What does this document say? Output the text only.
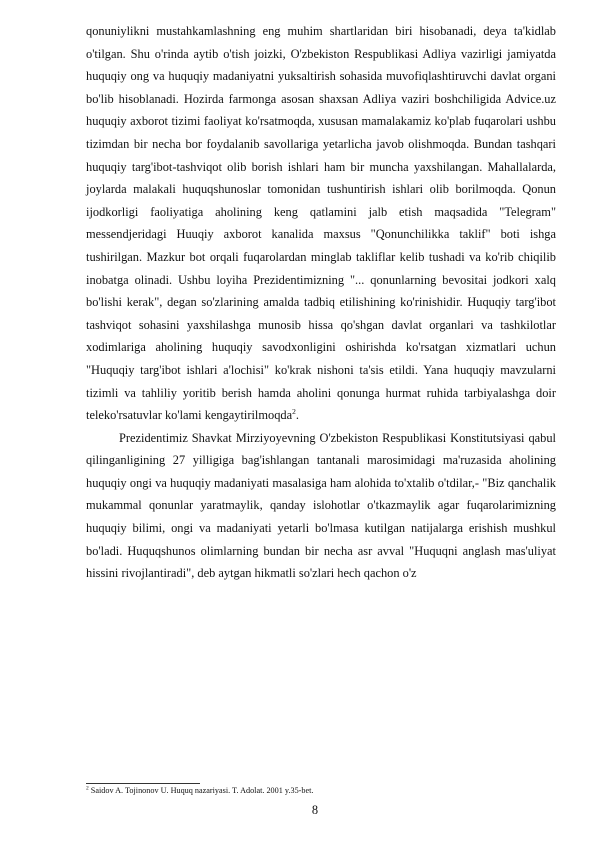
qonuniylikni mustahkamlashning eng muhim shartlaridan biri hisobanadi, deya ta'kidlab o'tilgan. Shu o'rinda aytib o'tish joizki, O'zbekiston Respublikasi Adliya vazirligi jamiyatda huquqiy ong va huquqiy madaniyatni yuksaltirish sohasida muvofiqlashtiruvchi davlat organi bo'lib hisoblanadi. Hozirda farmonga asosan shaxsan Adliya vaziri boshchiligida Advice.uz huquqiy axborot tizimi faoliyat ko'rsatmoqda, xususan mamalakamiz ko'plab fuqarolari ushbu tizimdan bir necha bor foydalanib savollariga yetarlicha javob olishmoqda. Bundan tashqari huquqiy targ'ibot-tashviqot olib borish ishlari ham bir muncha yaxshilangan. Mahallalarda, joylarda malakali huquqshunoslar tomonidan tushuntirish ishlari olib borilmoqda. Qonun ijodkorligi faoliyatiga aholining keng qatlamini jalb etish maqsadida "Telegram" messendjeridagi Huuqiy axborot kanalida maxsus "Qonunchilikka taklif" boti ishga tushirilgan. Mazkur bot orqali fuqarolardan minglab takliflar kelib tushadi va ko'rib chiqilib inobatga olinadi. Ushbu loyiha Prezidentimizning "... qonunlarning bevositai jodkori xalq bo'lishi kerak", degan so'zlarining amalda tadbiq etilishining ko'rinishidir. Huquqiy targ'ibot tashviqot sohasini yaxshilashga munosib hissa qo'shgan davlat organlari va tashkilotlar xodimlariga aholining huquqiy savodxonligini oshirishda ko'rsatgan xizmatlari uchun "Huquqiy targ'ibot ishlari a'lochisi" ko'krak nishoni ta'sis etildi. Yana huquqiy mavzularni tizimli va tahliliy yoritib berish hamda aholini qonunga hurmat ruhida tarbiyalashga doir teleko'rsatuvlar ko'lami kengaytirilmoqda$^2$.

Prezidentimiz Shavkat Mirziyoyevning O'zbekiston Respublikasi Konstitutsiyasi qabul qilinganligining 27 yilligiga bag'ishlangan tantanali marosimidagi ma'ruzasida aholining huquqiy ongi va huquqiy madaniyati masalasiga ham alohida to'xtalib o'tdilar,- "Biz qanchalik mukammal qonunlar yaratmaylik, qanday islohotlar o'tkazmaylik agar fuqarolarimizning huquqiy bilimi, ongi va madaniyati yetarli bo'lmasa kutilgan natijalarga erishish mushkul bo'ladi. Huquqshunos olimlarning bundan bir necha asr avval "Huquqni anglash mas'uliyat hissini rivojlantiradi", deb aytgan hikmatli so'zlari hech qachon o'z

$^2$ Saidov A. Tojinonov U. Huquq nazariyasi. T. Adolat. 2001 y.35-bet.

8
